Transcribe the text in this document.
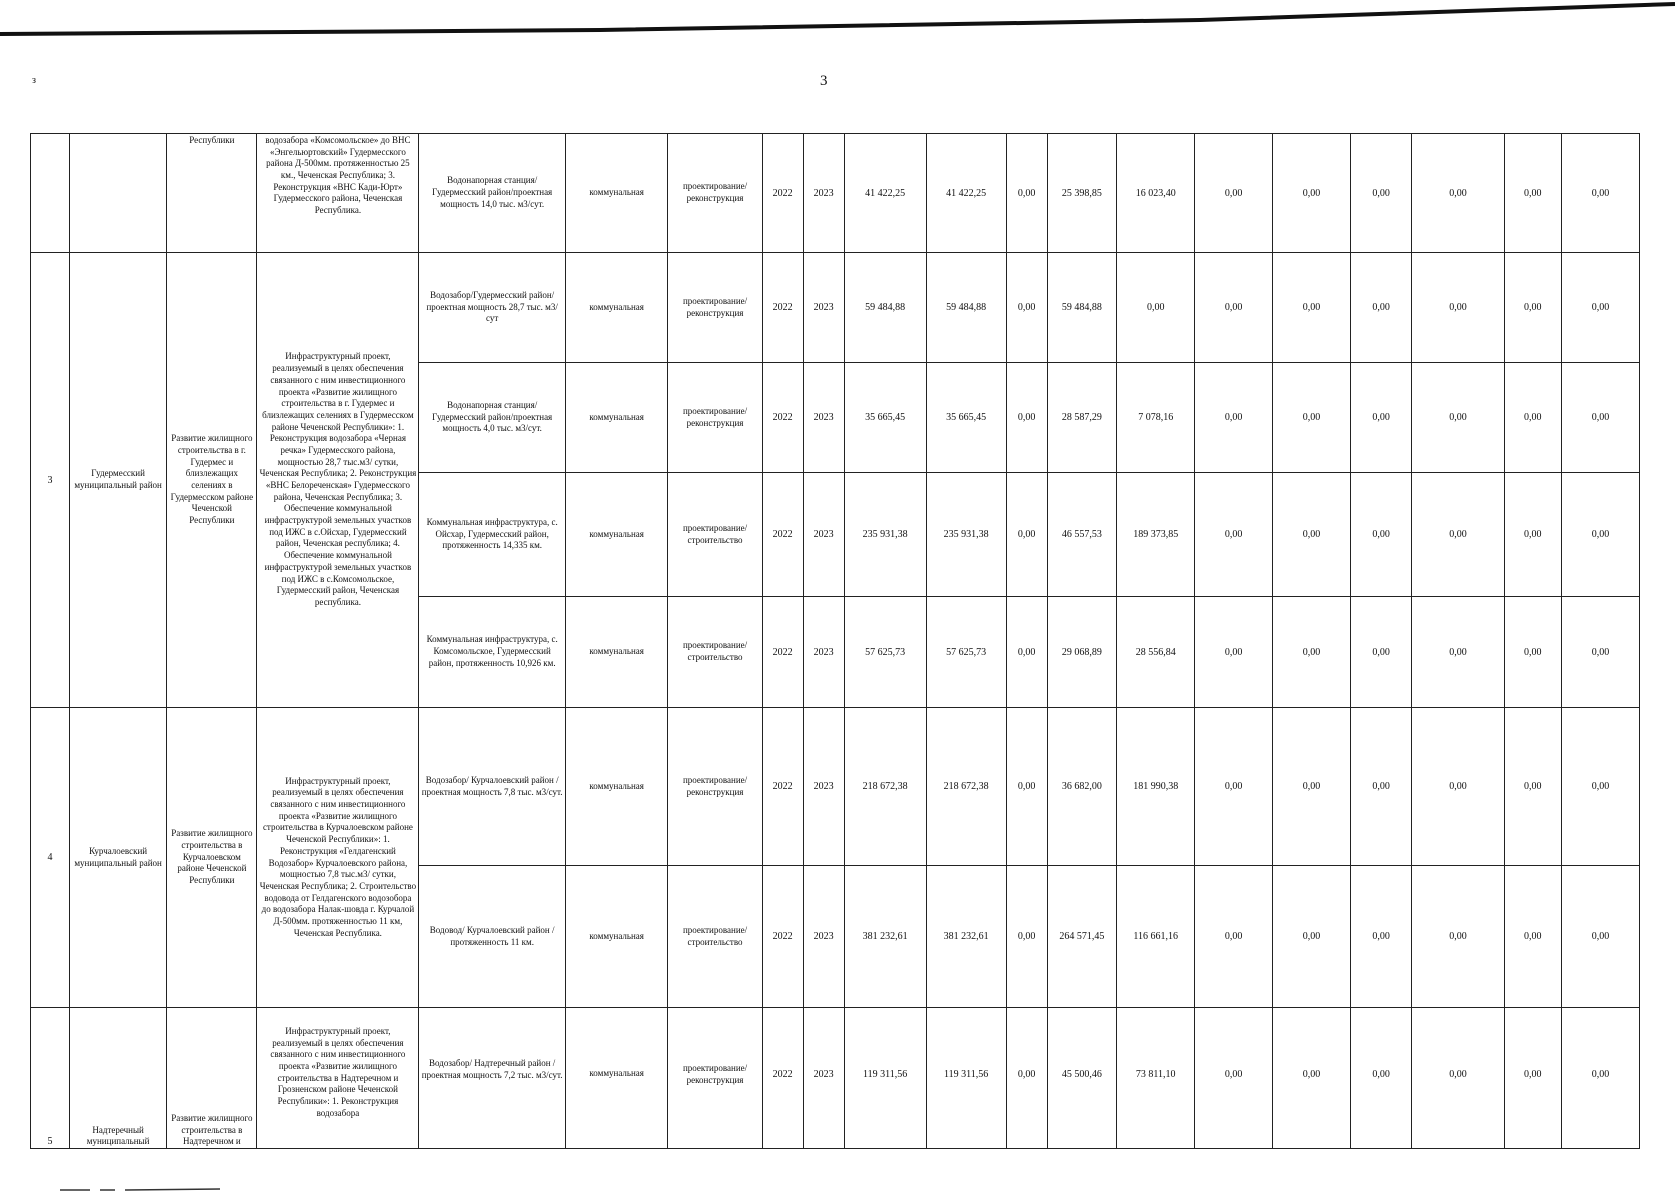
з	3
		Республики	водозабора «Комсомольское» до ВНС «Энгельюртовский» Гудермесского района Д-500мм. протяженностью 25 км., Чеченская Республика; 3. Реконструкция «ВНС Кади-Юрт» Гудермесского района, Чеченская Республика.	Водонапорная станция/ Гудермесский район/проектная мощность 14,0 тыс. м3/сут.	коммунальная	проектирование/реконструкция	2022	2023	41 422,25	41 422,25	0,00	25 398,85	16 023,40	0,00	0,00	0,00	0,00	0,00	0,00
3	Гудермесский муниципальный район	Развитие жилищного строительства в г. Гудермес и близлежащих селениях в Гудермесском районе Чеченской Республики	Инфраструктурный проект, реализуемый в целях обеспечения связанного с ним инвестиционного проекта «Развитие жилищного строительства в г. Гудермес и близлежащих селениях в Гудермесском районе Чеченской Республики»: 1. Реконструкция водозабора «Черная речка» Гудермесского района, мощностью 28,7 тыс.м3/ сутки, Чеченская Республика; 2. Реконструкция «ВНС Белореченская» Гудермесского района, Чеченская Республика; 3. Обеспечение коммунальной инфраструктурой земельных участков под ИЖС в с.Ойсхар, Гудермесский район, Чеченская республика; 4. Обеспечение коммунальной инфраструктурой земельных участков под ИЖС в с.Комсомольское, Гудермесский район, Чеченская республика.	Водозабор/Гудермесский район/проектная мощность 28,7 тыс. м3/сут	коммунальная	проектирование/реконструкция	2022	2023	59 484,88	59 484,88	0,00	59 484,88	0,00	0,00	0,00	0,00	0,00	0,00	0,00
				Водонапорная станция/Гудермесский район/проектная мощность 4,0 тыс. м3/сут.	коммунальная	проектирование/реконструкция	2022	2023	35 665,45	35 665,45	0,00	28 587,29	7 078,16	0,00	0,00	0,00	0,00	0,00	0,00
				Коммунальная инфраструктура, с. Ойсхар, Гудермесский район, протяженность 14,335 км.	коммунальная	проектирование/строительство	2022	2023	235 931,38	235 931,38	0,00	46 557,53	189 373,85	0,00	0,00	0,00	0,00	0,00	0,00
				Коммунальная инфраструктура, с. Комсомольское, Гудермесский район, протяженность 10,926 км.	коммунальная	проектирование/строительство	2022	2023	57 625,73	57 625,73	0,00	29 068,89	28 556,84	0,00	0,00	0,00	0,00	0,00	0,00
4	Курчалоевский муниципальный район	Развитие жилищного строительства в Курчалоевском районе Чеченской Республики	Инфраструктурный проект, реализуемый в целях обеспечения связанного с ним инвестиционного проекта «Развитие жилищного строительства в Курчалоевском районе Чеченской Республики»: 1. Реконструкция «Гелдагенский Водозабор» Курчалоевского района, мощностью 7,8 тыс.м3/ сутки, Чеченская Республика; 2. Строительство водовода от Гелдагенского водозобора до водозабора Налак-шовда г. Курчалой Д-500мм. протяженностью 11 км, Чеченская Республика.	Водозабор/ Курчалоевский район /проектная мощность 7,8 тыс. м3/сут.	коммунальная	проектирование/реконструкция	2022	2023	218 672,38	218 672,38	0,00	36 682,00	181 990,38	0,00	0,00	0,00	0,00	0,00	0,00
				Водовод/ Курчалоевский район /протяженность 11 км.	коммунальная	проектирование/строительство	2022	2023	381 232,61	381 232,61	0,00	264 571,45	116 661,16	0,00	0,00	0,00	0,00	0,00	0,00
5	Надтеречный муниципальный	Развитие жилищного строительства в Надтеречном и	Инфраструктурный проект, реализуемый в целях обеспечения связанного с ним инвестиционного проекта «Развитие жилищного строительства в Надтеречном и Грозненском районе Чеченской Республики»: 1. Реконструкция водозабора	Водозабор/ Надтеречный район /проектная мощность 7,2 тыс. м3/сут.	коммунальная	проектирование/реконструкция	2022	2023	119 311,56	119 311,56	0,00	45 500,46	73 811,10	0,00	0,00	0,00	0,00	0,00	0,00
